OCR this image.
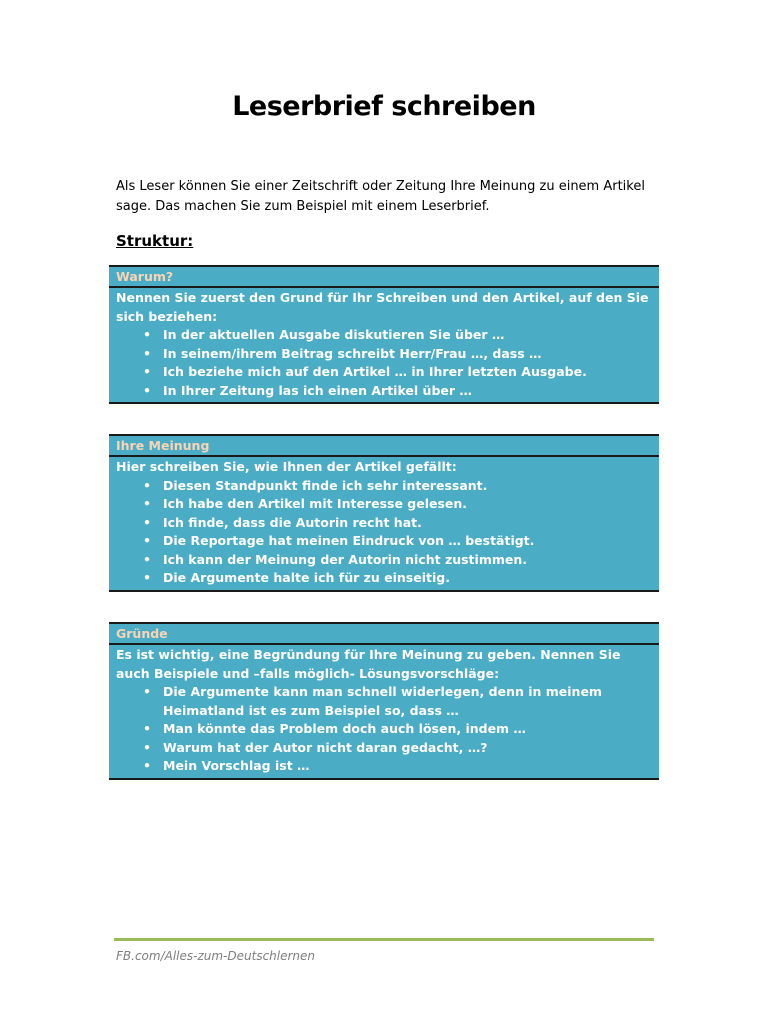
Leserbrief schreiben
Als Leser können Sie einer Zeitschrift oder Zeitung Ihre Meinung zu einem Artikel sage. Das machen Sie zum Beispiel mit einem Leserbrief.
Struktur:
Warum?
Nennen Sie zuerst den Grund für Ihr Schreiben und den Artikel, auf den Sie sich beziehen:
• In der aktuellen Ausgabe diskutieren Sie über …
• In seinem/ihrem Beitrag schreibt Herr/Frau …, dass …
• Ich beziehe mich auf den Artikel … in Ihrer letzten Ausgabe.
• In Ihrer Zeitung las ich einen Artikel über …
Ihre Meinung
Hier schreiben Sie, wie Ihnen der Artikel gefällt:
• Diesen Standpunkt finde ich sehr interessant.
• Ich habe den Artikel mit Interesse gelesen.
• Ich finde, dass die Autorin recht hat.
• Die Reportage hat meinen Eindruck von … bestätigt.
• Ich kann der Meinung der Autorin nicht zustimmen.
• Die Argumente halte ich für zu einseitig.
Gründe
Es ist wichtig, eine Begründung für Ihre Meinung zu geben. Nennen Sie auch Beispiele und –falls möglich- Lösungsvorschläge:
• Die Argumente kann man schnell widerlegen, denn in meinem Heimatland ist es zum Beispiel so, dass …
• Man könnte das Problem doch auch lösen, indem …
• Warum hat der Autor nicht daran gedacht, …?
• Mein Vorschlag ist …
FB.com/Alles-zum-Deutschlernen
